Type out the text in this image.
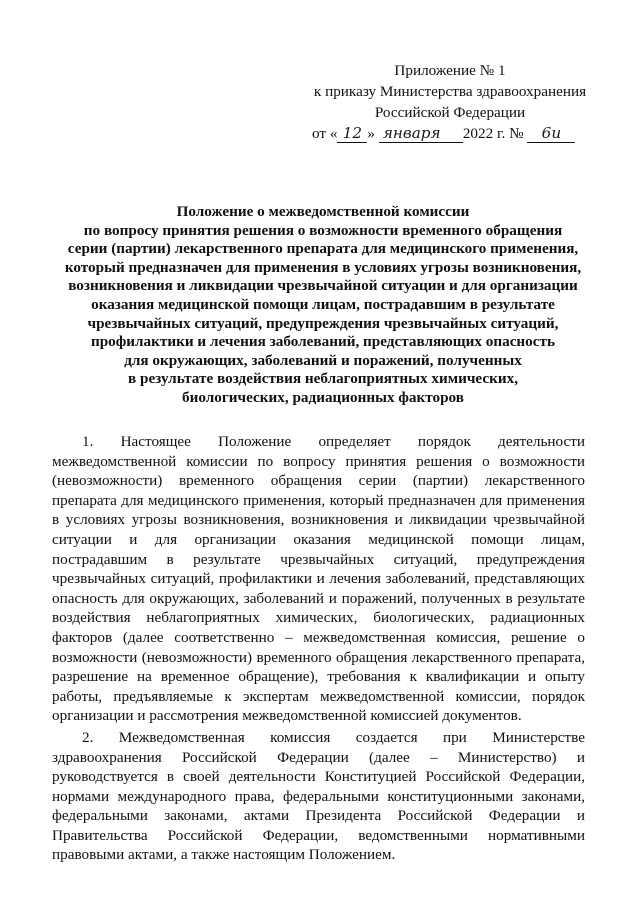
Приложение № 1
к приказу Министерства здравоохранения
Российской Федерации
от « 12 » января 2022 г. № 6и
Положение о межведомственной комиссии
по вопросу принятия решения о возможности временного обращения
серии (партии) лекарственного препарата для медицинского применения,
который предназначен для применения в условиях угрозы возникновения,
возникновения и ликвидации чрезвычайной ситуации и для организации
оказания медицинской помощи лицам, пострадавшим в результате
чрезвычайных ситуаций, предупреждения чрезвычайных ситуаций,
профилактики и лечения заболеваний, представляющих опасность
для окружающих, заболеваний и поражений, полученных
в результате воздействия неблагоприятных химических,
биологических, радиационных факторов

1. Настоящее Положение определяет порядок деятельности межведомственной комиссии по вопросу принятия решения о возможности (невозможности) временного обращения серии (партии) лекарственного препарата для медицинского применения, который предназначен для применения в условиях угрозы возникновения, возникновения и ликвидации чрезвычайной ситуации и для организации оказания медицинской помощи лицам, пострадавшим в результате чрезвычайных ситуаций, предупреждения чрезвычайных ситуаций, профилактики и лечения заболеваний, представляющих опасность для окружающих, заболеваний и поражений, полученных в результате воздействия неблагоприятных химических, биологических, радиационных факторов (далее соответственно – межведомственная комиссия, решение о возможности (невозможности) временного обращения лекарственного препарата, разрешение на временное обращение), требования к квалификации и опыту работы, предъявляемые к экспертам межведомственной комиссии, порядок организации и рассмотрения межведомственной комиссией документов.

2. Межведомственная комиссия создается при Министерстве здравоохранения Российской Федерации (далее – Министерство) и руководствуется в своей деятельности Конституцией Российской Федерации, нормами международного права, федеральными конституционными законами, федеральными законами, актами Президента Российской Федерации и Правительства Российской Федерации, ведомственными нормативными правовыми актами, а также настоящим Положением.
